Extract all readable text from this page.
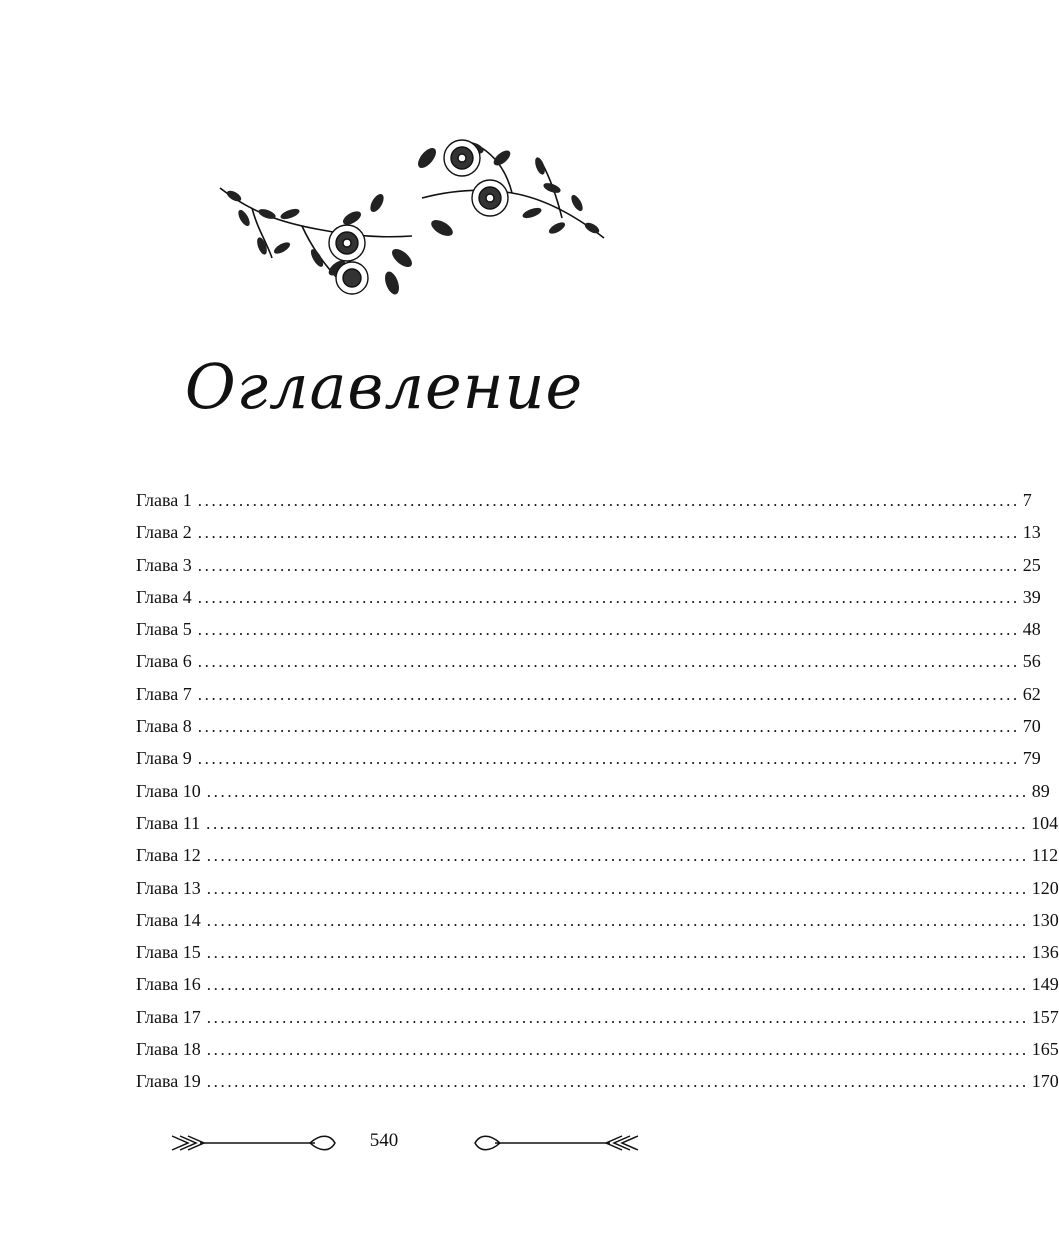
Оглавление
Глава 1 ........................................................................................................................ 7
Глава 2 ........................................................................................................................ 13
Глава 3 ........................................................................................................................ 25
Глава 4 ........................................................................................................................ 39
Глава 5 ........................................................................................................................ 48
Глава 6 ........................................................................................................................ 56
Глава 7 ........................................................................................................................ 62
Глава 8 ........................................................................................................................ 70
Глава 9 ........................................................................................................................ 79
Глава 10 ........................................................................................................................ 89
Глава 11 ........................................................................................................................ 104
Глава 12 ........................................................................................................................ 112
Глава 13 ........................................................................................................................ 120
Глава 14 ........................................................................................................................ 130
Глава 15 ........................................................................................................................ 136
Глава 16 ........................................................................................................................ 149
Глава 17 ........................................................................................................................ 157
Глава 18 ........................................................................................................................ 165
Глава 19 ........................................................................................................................ 170
540
